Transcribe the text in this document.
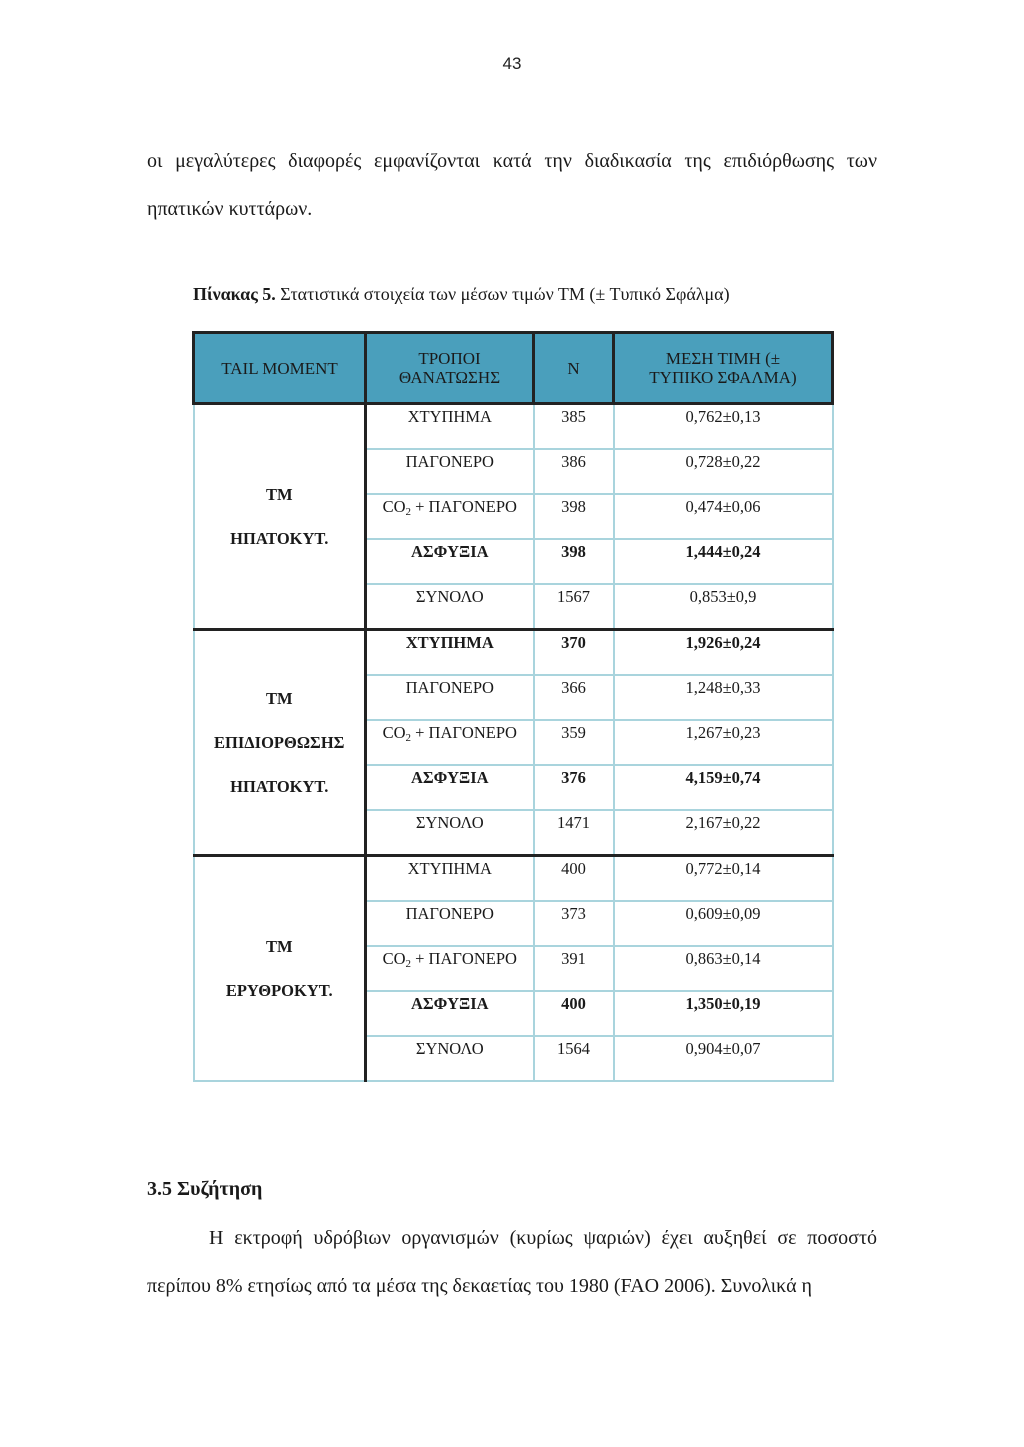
43
οι μεγαλύτερες διαφορές εμφανίζονται κατά την διαδικασία της επιδιόρθωσης των ηπατικών κυττάρων.
Πίνακας 5. Στατιστικά στοιχεία των μέσων τιμών ΤΜ (± Τυπικό Σφάλμα)
TAIL MOMENT	ΤΡΟΠΟΙ ΘΑΝΑΤΩΣΗΣ	Ν	ΜΕΣΗ ΤΙΜΗ (± ΤΥΠΙΚΟ ΣΦΑΛΜΑ)

ΤΜ
ΗΠΑΤΟΚΥΤ.	ΧΤΥΠΗΜΑ	385	0,762±0,13
	ΠΑΓΟΝΕΡΟ	386	0,728±0,22
	$CO_2 + \Pi A\Gamma ONEPO$	398	0,474±0,06
	ΑΣΦΥΞΙΑ	398	1,444±0,24
	ΣΥΝΟΛΟ	1567	0,853±0,9

ΤΜ
ΕΠΙΔΙΟΡΘΩΣΗΣ
ΗΠΑΤΟΚΥΤ.	ΧΤΥΠΗΜΑ	370	1,926±0,24
	ΠΑΓΟΝΕΡΟ	366	1,248±0,33
	$CO_2 + \Pi A\Gamma ONEPO$	359	1,267±0,23
	ΑΣΦΥΞΙΑ	376	4,159±0,74
	ΣΥΝΟΛΟ	1471	2,167±0,22

ΤΜ
ΕΡΥΘΡΟΚΥΤ.	ΧΤΥΠΗΜΑ	400	0,772±0,14
	ΠΑΓΟΝΕΡΟ	373	0,609±0,09
	$CO_2 + \Pi A\Gamma ONEPO$	391	0,863±0,14
	ΑΣΦΥΞΙΑ	400	1,350±0,19
	ΣΥΝΟΛΟ	1564	0,904±0,07
3.5 Συζήτηση
Η εκτροφή υδρόβιων οργανισμών (κυρίως ψαριών) έχει αυξηθεί σε ποσοστό περίπου 8% ετησίως από τα μέσα της δεκαετίας του 1980 (FAO 2006). Συνολικά η
